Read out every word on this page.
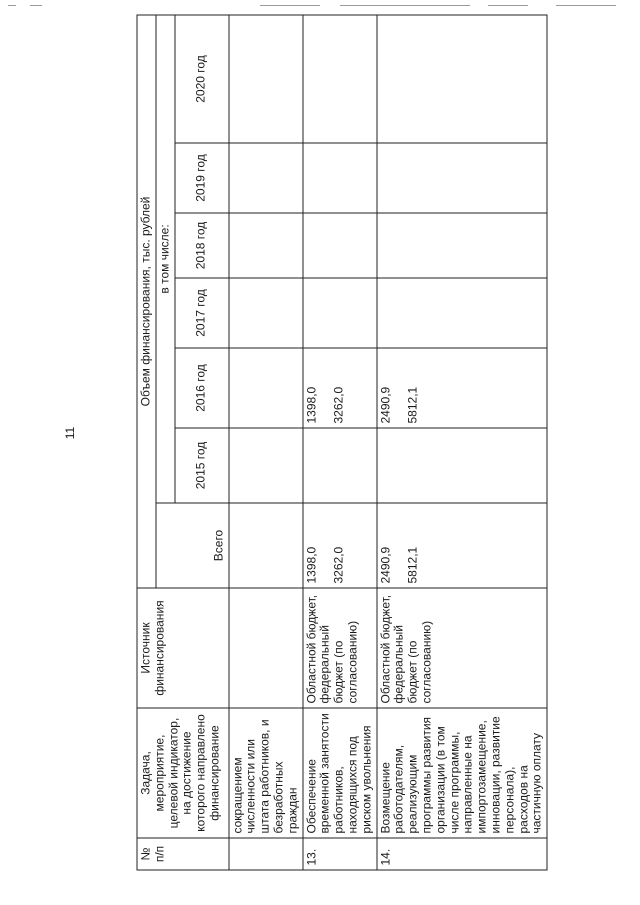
11
№ п/п	Задача, мероприятие, целевой индикатор, на достижение которого направлено финансирование	Источник финансирования	Объем финансирования, тыс. рублей						
			Всего	в том числе:					
				2015 год	2016 год	2017 год	2018 год	2019 год	2020 год
	сокращением численности или штата работников, и безработных граждан								
13.	Обеспечение временной занятости работников, находящихся под риском увольнения	Областной бюджет, федеральный бюджет (по согласованию)	1398,0 3262,0		1398,0 3262,0				

14.	Возмещение работодателям, реализующим программы развития организации (в том числе программы, направленные на импортозамещение, инновации, развитие персонала), расходов на частичную оплату	Областной бюджет, федеральный бюджет (по согласованию)	2490,9 5812,1		2490,9 5812,1				
